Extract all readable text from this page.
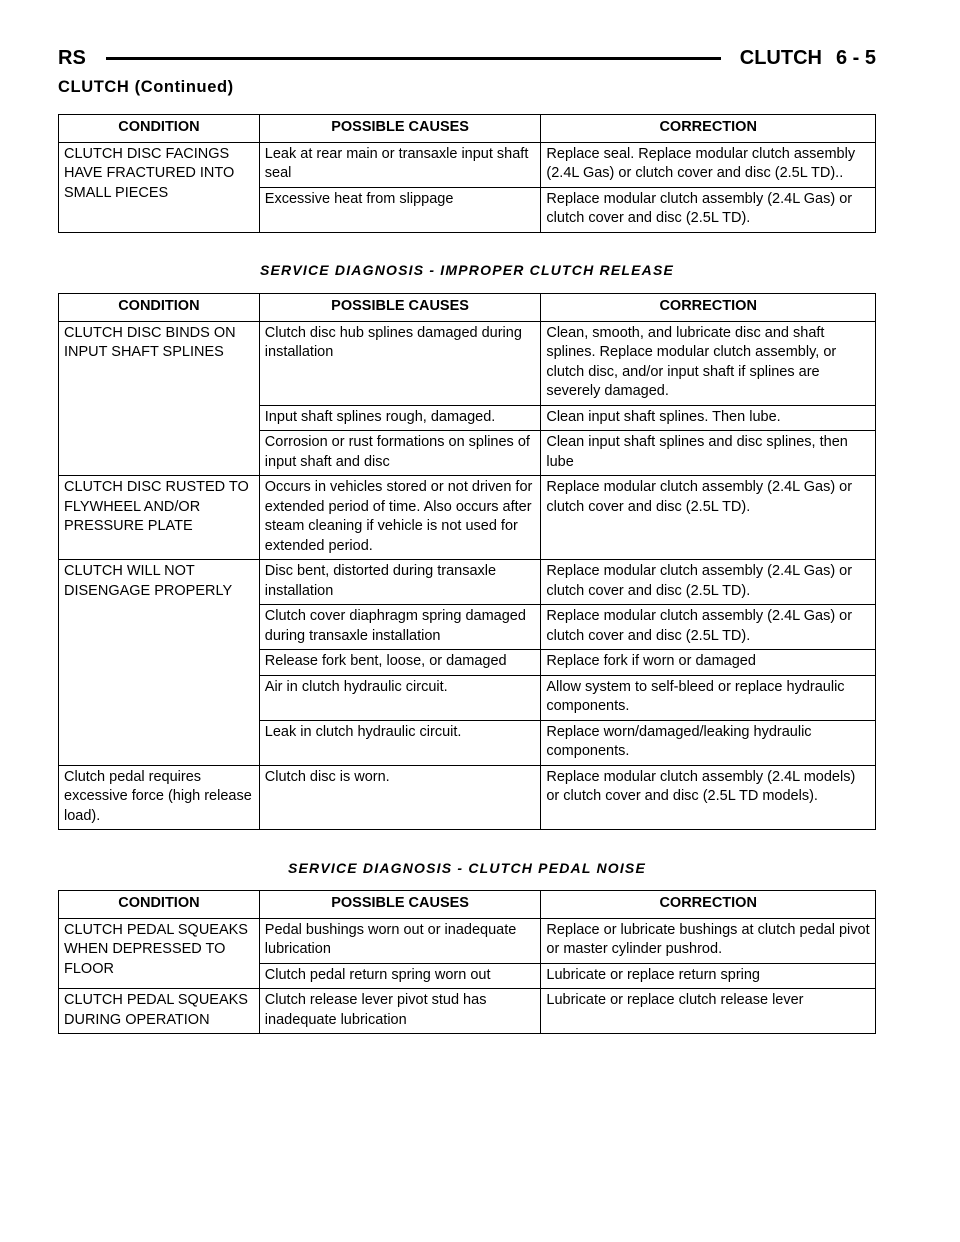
RS	CLUTCH 6 - 5
CLUTCH (Continued)
CONDITION	POSSIBLE CAUSES	CORRECTION
CLUTCH DISC FACINGS HAVE FRACTURED INTO SMALL PIECES	Leak at rear main or transaxle input shaft seal	Replace seal. Replace modular clutch assembly (2.4L Gas) or clutch cover and disc (2.5L TD)..
	Excessive heat from slippage	Replace modular clutch assembly (2.4L Gas) or clutch cover and disc (2.5L TD).
SERVICE DIAGNOSIS - IMPROPER CLUTCH RELEASE
CONDITION	POSSIBLE CAUSES	CORRECTION
CLUTCH DISC BINDS ON INPUT SHAFT SPLINES	Clutch disc hub splines damaged during installation	Clean, smooth, and lubricate disc and shaft splines. Replace modular clutch assembly, or clutch disc, and/or input shaft if splines are severely damaged.
	Input shaft splines rough, damaged.	Clean input shaft splines. Then lube.
	Corrosion or rust formations on splines of input shaft and disc	Clean input shaft splines and disc splines, then lube
CLUTCH DISC RUSTED TO FLYWHEEL AND/OR PRESSURE PLATE	Occurs in vehicles stored or not driven for extended period of time. Also occurs after steam cleaning if vehicle is not used for extended period.	Replace modular clutch assembly (2.4L Gas) or clutch cover and disc (2.5L TD).
CLUTCH WILL NOT DISENGAGE PROPERLY	Disc bent, distorted during transaxle installation	Replace modular clutch assembly (2.4L Gas) or clutch cover and disc (2.5L TD).
	Clutch cover diaphragm spring damaged during transaxle installation	Replace modular clutch assembly (2.4L Gas) or clutch cover and disc (2.5L TD).
	Release fork bent, loose, or damaged	Replace fork if worn or damaged
	Air in clutch hydraulic circuit.	Allow system to self-bleed or replace hydraulic components.
	Leak in clutch hydraulic circuit.	Replace worn/damaged/leaking hydraulic components.
Clutch pedal requires excessive force (high release load).	Clutch disc is worn.	Replace modular clutch assembly (2.4L models) or clutch cover and disc (2.5L TD models).
SERVICE DIAGNOSIS - CLUTCH PEDAL NOISE
CONDITION	POSSIBLE CAUSES	CORRECTION
CLUTCH PEDAL SQUEAKS WHEN DEPRESSED TO FLOOR	Pedal bushings worn out or inadequate lubrication	Replace or lubricate bushings at clutch pedal pivot or master cylinder pushrod.
	Clutch pedal return spring worn out	Lubricate or replace return spring
CLUTCH PEDAL SQUEAKS DURING OPERATION	Clutch release lever pivot stud has inadequate lubrication	Lubricate or replace clutch release lever
